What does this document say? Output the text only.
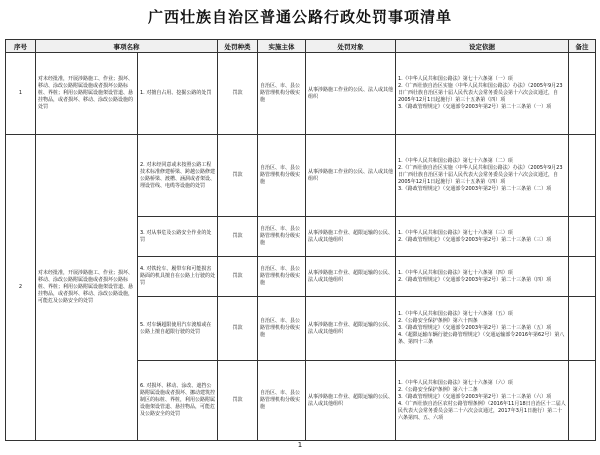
广西壮族自治区普通公路行政处罚事项清单
序号	事项名称		处罚种类	实施主体	处罚对象	设定依据	备注
1	对未经批准，开展涉路施工、作业；损坏、移动、涂改公路附属设施或者损坏公路标桩、界桩；利用公路附属设施架设管道、悬挂物品，或者损坏、移动、涂改公路设施的处罚	1. 对擅自占用、挖掘公路的处罚	罚款	自治区、市、县公路管理机构分级实施	从事涉路施工作业的公民、法人或其他组织	1.《中华人民共和国公路法》第七十六条第（一）项
2.《广西壮族自治区实施〈中华人民共和国公路法〉办法》（2005年9月23日广西壮族自治区第十届人民代表大会常务委员会第十六次会议通过，自2005年12月1日起施行）第三十五条第（四）项
3.《路政管理规定》（交通部令2003年第2号）第二十三条第（一）项	

2	对未经批准，开展涉路施工、作业；损坏、移动、涂改公路附属设施或者损坏公路标桩、界桩；利用公路附属设施架设管道、悬挂物品，或者损坏、移动、涂改公路设施，可能危及公路安全的处罚	2. 对未经同意或未按照公路工程技术标准修建桥梁、跨越公路修建公路桥梁、渡槽、涵洞或者架设、埋设管线、电缆等设施的处罚	罚款	自治区、市、县公路管理机构分级实施	从事涉路施工作业的公民、法人或其他组织	1.《中华人民共和国公路法》第七十六条第（二）项
2.《广西壮族自治区实施〈中华人民共和国公路法〉办法》（2005年9月23日广西壮族自治区第十届人民代表大会常务委员会第十六次会议通过，自2005年12月1日起施行）第三十五条第（四）项
3.《路政管理规定》（交通部令2003年第2号）第二十三条第（二）项	

		3. 对从事危及公路安全作业的处罚	罚款	自治区、市、县公路管理机构分级实施	从事涉路施工作业、超限运输的公民、法人或其他组织	1.《中华人民共和国公路法》第七十六条第（三）项
2.《路政管理规定》（交通部令2003年第2号）第二十三条第（三）项	

		4. 对铁轮车、履带车和可能损害路面的机具擅自在公路上行驶的处罚	罚款	自治区、市、县公路管理机构分级实施	从事涉路施工作业、超限运输的公民、法人或其他组织	1.《中华人民共和国公路法》第七十六条第（四）项
2.《路政管理规定》（交通部令2003年第2号）第二十三条第（四）项	

		5. 对车辆超限使用汽车渡船或在公路上擅自超限行驶的处罚	罚款	自治区、市、县公路管理机构分级实施	从事涉路施工作业、超限运输的公民、法人或其他组织	1.《中华人民共和国公路法》第七十六条第（五）项
2.《公路安全保护条例》第六十四条
3.《路政管理规定》（交通部令2003年第2号）第二十三条第（五）项
4.《超限运输车辆行驶公路管理规定》（交通运输部令2016年第62号）第八条、第四十三条	

		6. 对损坏、移动、涂改、遮挡公路附属设施或者损坏、挪动建筑控制区的标桩、界桩，利用公路附属设施架设管道、悬挂物品，可能危及公路安全的处罚	罚款	自治区、市、县公路管理机构分级实施	从事涉路施工作业、超限运输的公民、法人或其他组织	1.《中华人民共和国公路法》第七十六条第（六）项
2.《公路安全保护条例》第六十二条
3.《路政管理规定》（交通部令2003年第2号）第二十三条第（六）项
4.《广西壮族自治区农村公路管理条例》（2016年11月18日自治区十二届人民代表大会常务委员会第二十六次会议通过，2017年3月1日施行）第二十六条第四、五、六项	

1
